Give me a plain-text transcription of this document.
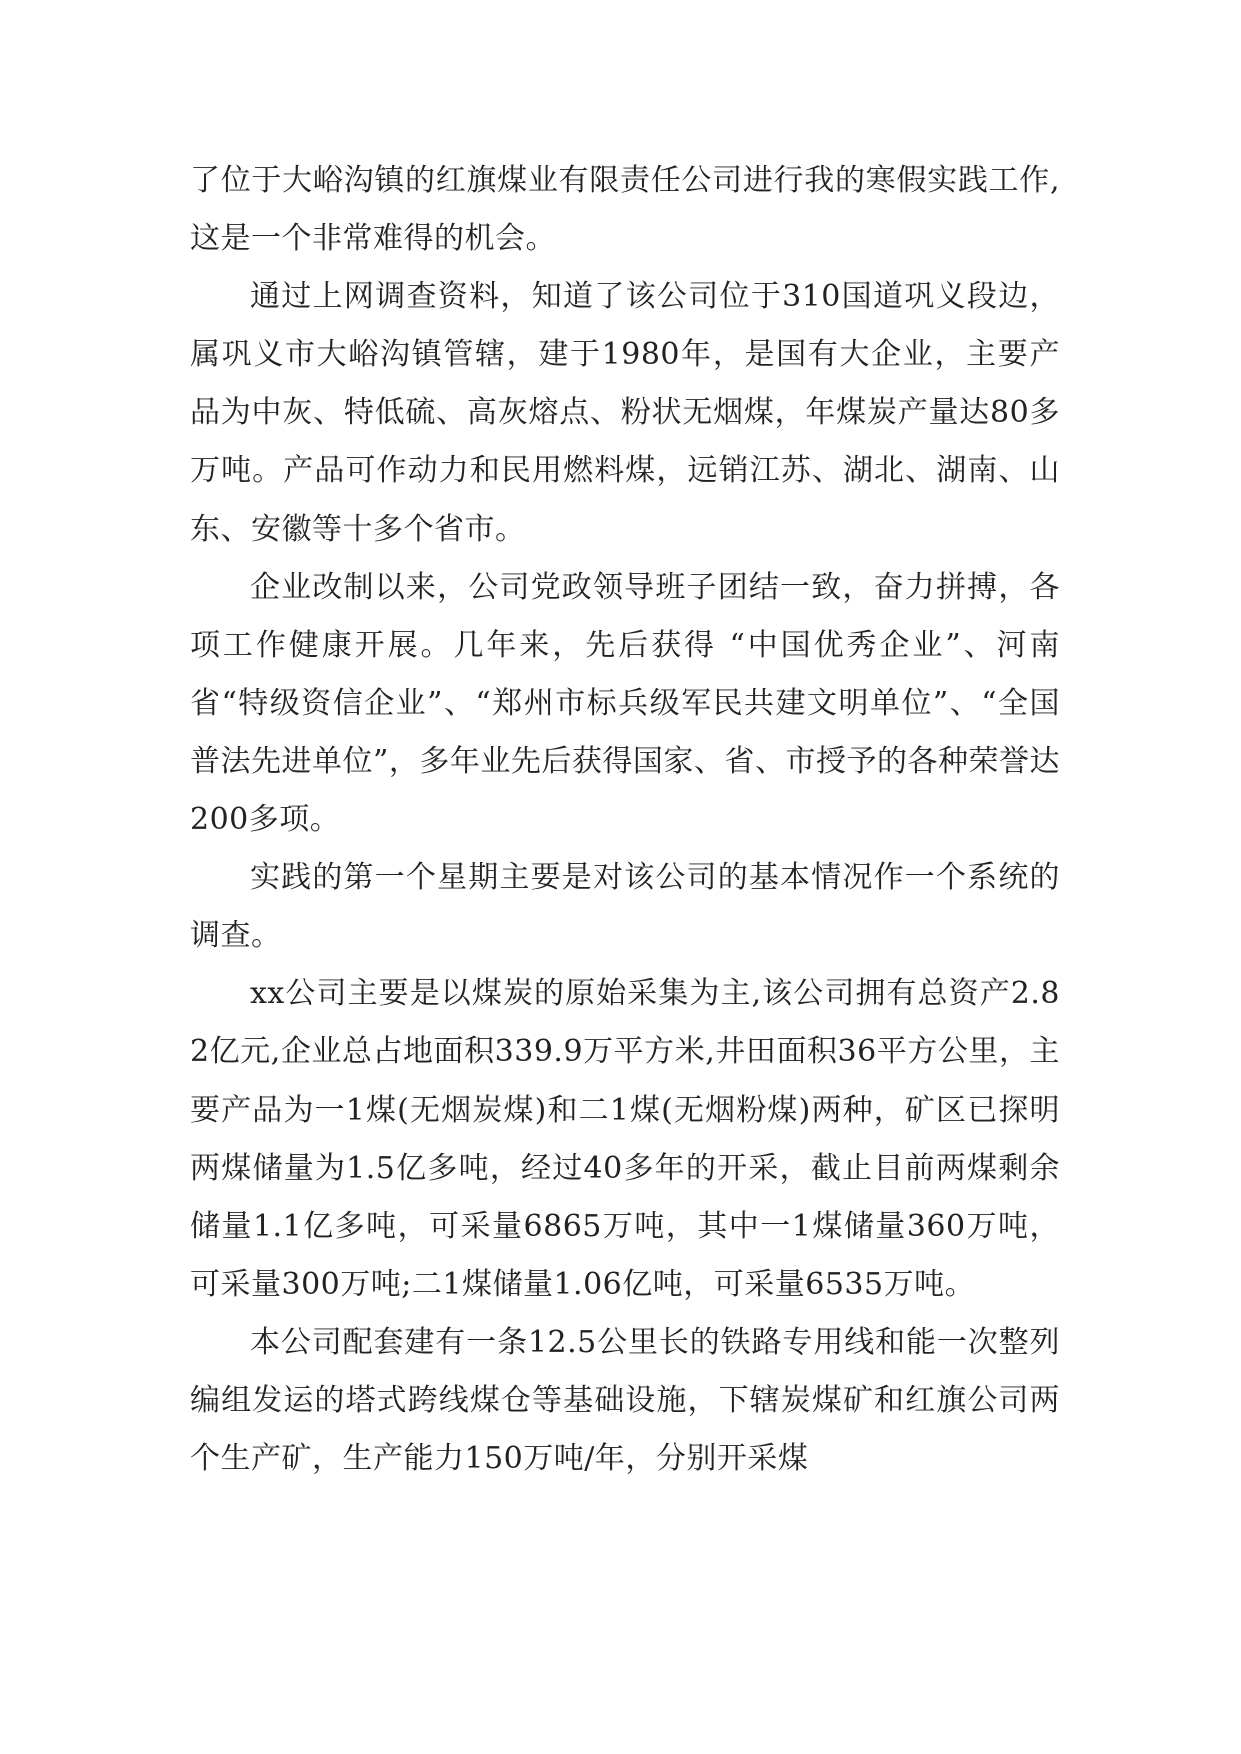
了位于大峪沟镇的红旗煤业有限责任公司进行我的寒假实践工作,这是一个非常难得的机会。

通过上网调查资料，知道了该公司位于310国道巩义段边，属巩义市大峪沟镇管辖，建于1980年，是国有大企业，主要产品为中灰、特低硫、高灰熔点、粉状无烟煤，年煤炭产量达80多万吨。产品可作动力和民用燃料煤，远销江苏、湖北、湖南、山东、安徽等十多个省市。

企业改制以来，公司党政领导班子团结一致，奋力拼搏，各项工作健康开展。几年来，先后获得 “中国优秀企业”、河南省“特级资信企业”、“郑州市标兵级军民共建文明单位”、“全国普法先进单位”，多年业先后获得国家、省、市授予的各种荣誉达200多项。

实践的第一个星期主要是对该公司的基本情况作一个系统的调查。

xx公司主要是以煤炭的原始采集为主,该公司拥有总资产2.82亿元,企业总占地面积339.9万平方米,井田面积36平方公里，主要产品为一1煤(无烟炭煤)和二1煤(无烟粉煤)两种，矿区已探明两煤储量为1.5亿多吨，经过40多年的开采，截止目前两煤剩余储量1.1亿多吨，可采量6865万吨，其中一1煤储量360万吨，可采量300万吨;二1煤储量1.06亿吨，可采量6535万吨。

本公司配套建有一条12.5公里长的铁路专用线和能一次整列编组发运的塔式跨线煤仓等基础设施，下辖炭煤矿和红旗公司两个生产矿，生产能力150万吨/年，分别开采煤
